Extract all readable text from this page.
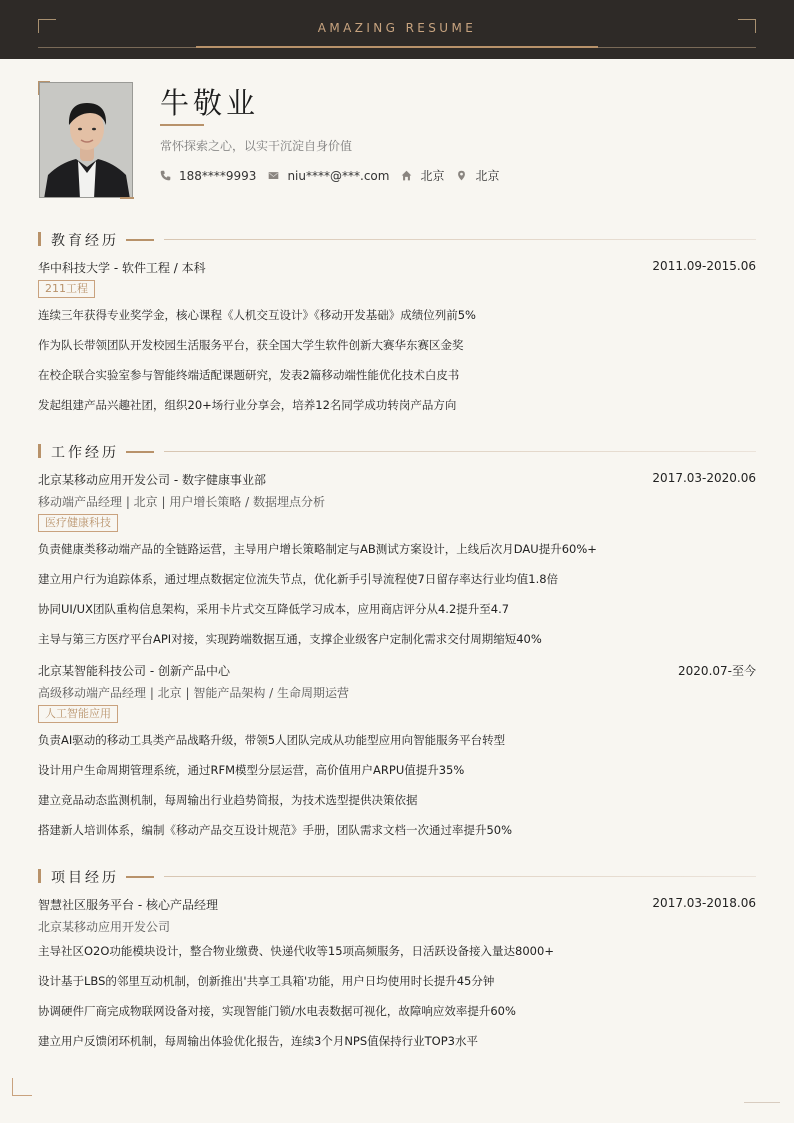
AMAZING RESUME
牛敬业
常怀探索之心，以实干沉淀自身价值
188****9993	niu****@***.com	北京	北京
教育经历
华中科技大学 - 软件工程 / 本科	2011.09-2015.06
211工程
连续三年获得专业奖学金，核心课程《人机交互设计》《移动开发基础》成绩位列前5%
作为队长带领团队开发校园生活服务平台，获全国大学生软件创新大赛华东赛区金奖
在校企联合实验室参与智能终端适配课题研究，发表2篇移动端性能优化技术白皮书
发起组建产品兴趣社团，组织20+场行业分享会，培养12名同学成功转岗产品方向
工作经历
北京某移动应用开发公司 - 数字健康事业部	2017.03-2020.06
移动端产品经理 | 北京 | 用户增长策略 / 数据埋点分析
医疗健康科技
负责健康类移动端产品的全链路运营，主导用户增长策略制定与AB测试方案设计，上线后次月DAU提升60%+
建立用户行为追踪体系，通过埋点数据定位流失节点，优化新手引导流程使7日留存率达行业均值1.8倍
协同UI/UX团队重构信息架构，采用卡片式交互降低学习成本，应用商店评分从4.2提升至4.7
主导与第三方医疗平台API对接，实现跨端数据互通，支撑企业级客户定制化需求交付周期缩短40%
北京某智能科技公司 - 创新产品中心	2020.07-至今
高级移动端产品经理 | 北京 | 智能产品架构 / 生命周期运营
人工智能应用
负责AI驱动的移动工具类产品战略升级，带领5人团队完成从功能型应用向智能服务平台转型
设计用户生命周期管理系统，通过RFM模型分层运营，高价值用户ARPU值提升35%
建立竞品动态监测机制，每周输出行业趋势简报，为技术选型提供决策依据
搭建新人培训体系，编制《移动产品交互设计规范》手册，团队需求文档一次通过率提升50%
项目经历
智慧社区服务平台 - 核心产品经理	2017.03-2018.06
北京某移动应用开发公司
主导社区O2O功能模块设计，整合物业缴费、快递代收等15项高频服务，日活跃设备接入量达8000+
设计基于LBS的邻里互动机制，创新推出'共享工具箱'功能，用户日均使用时长提升45分钟
协调硬件厂商完成物联网设备对接，实现智能门锁/水电表数据可视化，故障响应效率提升60%
建立用户反馈闭环机制，每周输出体验优化报告，连续3个月NPS值保持行业TOP3水平
